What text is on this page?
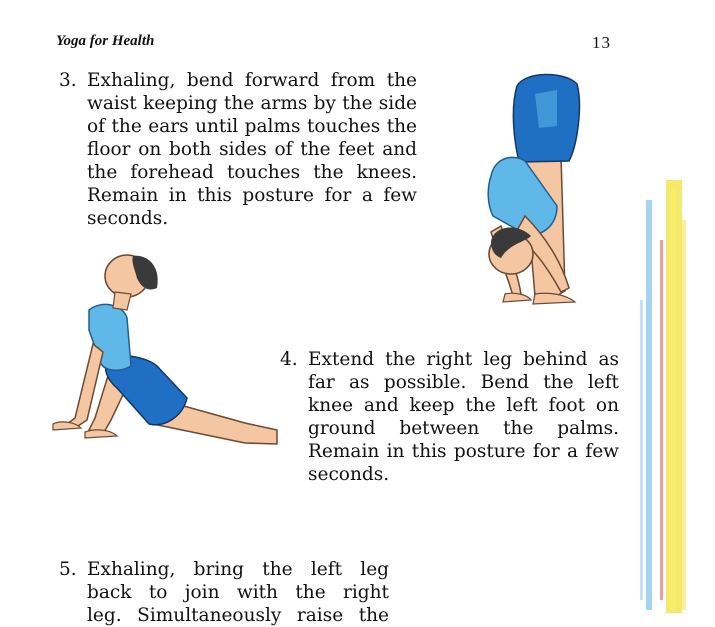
Yoga for Health	13
3. Exhaling, bend forward from the
waist keeping the arms by the side
of the ears until palms touches the
floor on both sides of the feet and
the forehead touches the knees.
Remain in this posture for a few
seconds.
4. Extend the right leg behind as
far as possible. Bend the left
knee and keep the left foot on
ground between the palms.
Remain in this posture for a few
seconds.
5. Exhaling, bring the left leg
back to join with the right
leg. Simultaneously raise the
